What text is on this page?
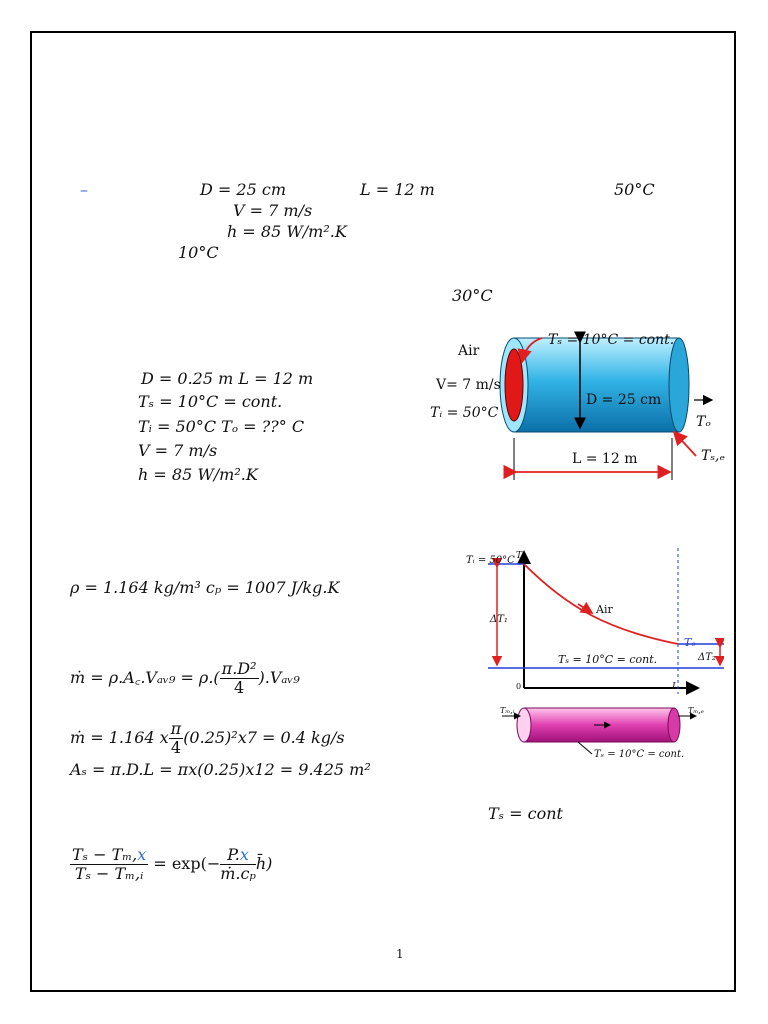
–	D = 25 cm	L = 12 m	50°C
V = 7 m/s
h = 85 W/m².K
10°C
30°C
D = 0.25 m L = 12 m
Tₛ = 10°C = cont.
Tᵢ = 50°C Tₒ = ??° C
V = 7 m/s
h = 85 W/m².K
Air
Tₛ = 10°C = cont.
V= 7 m/s
Tᵢ = 50°C
D = 25 cm
Tₒ
Tₛ,ₑ
L = 12 m
Tᵢ = 50°C T
Air
ΔT₁
Tₒ
ΔT₂
Tₛ = 10°C = cont.
0	L x
Tₘ,ᵢ	Tₘ,ₑ
Tₛ = 10°C = cont.
ρ = 1.164 kg/m³ cₚ = 1007 J/kg.K
ṁ = ρ.A꜀.Vₐᵥ₉ = $\rho.( \frac{\text{π.D²}}{4}$ ).Vₐᵥ₉
ṁ = 1.164 x $\frac{\pi}{4} (0.25)^2x7 = 0.4$ kg/s
Aₛ = π.D.L = πx(0.25)x12 = 9.425 m²
Tₛ = cont
$\frac{\text{Tₛ − Tₘ,x}}{\text{Tₛ − Tₘ,ᵢ}} = \exp(- \frac{P.x}{\text{ṁ.cₚ}}$ h̄)
1
